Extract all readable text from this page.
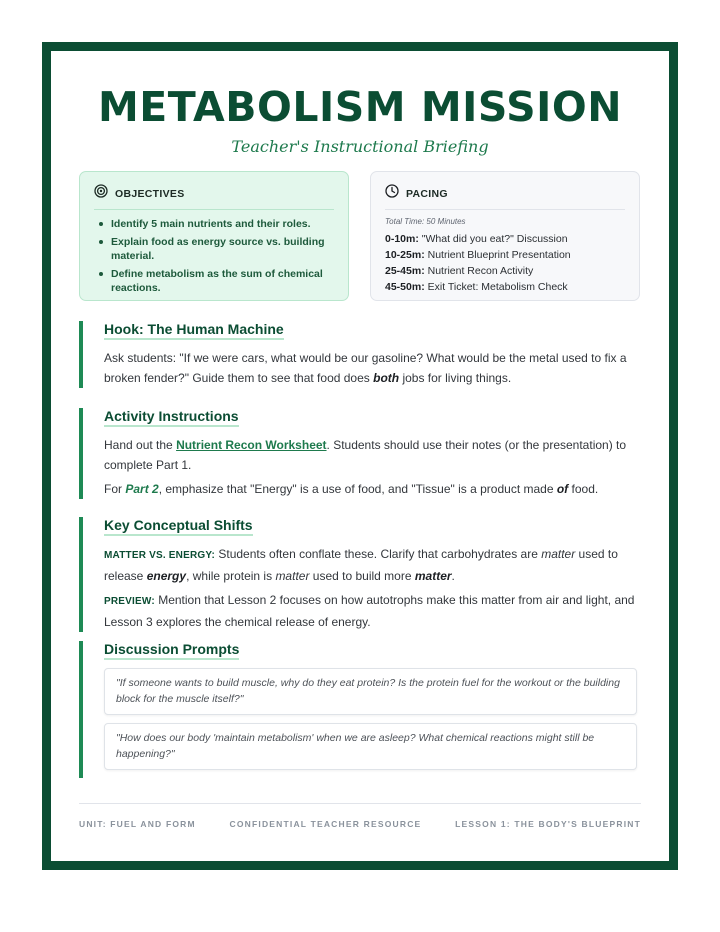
METABOLISM MISSION
Teacher's Instructional Briefing
OBJECTIVES
Identify 5 main nutrients and their roles.
Explain food as energy source vs. building material.
Define metabolism as the sum of chemical reactions.
PACING
Total Time: 50 Minutes
0-10m: "What did you eat?" Discussion
10-25m: Nutrient Blueprint Presentation
25-45m: Nutrient Recon Activity
45-50m: Exit Ticket: Metabolism Check
Hook: The Human Machine
Ask students: "If we were cars, what would be our gasoline? What would be the metal used to fix a broken fender?" Guide them to see that food does both jobs for living things.
Activity Instructions
Hand out the Nutrient Recon Worksheet. Students should use their notes (or the presentation) to complete Part 1.
For Part 2, emphasize that "Energy" is a use of food, and "Tissue" is a product made of food.
Key Conceptual Shifts
MATTER VS. ENERGY: Students often conflate these. Clarify that carbohydrates are matter used to release energy, while protein is matter used to build more matter.
PREVIEW: Mention that Lesson 2 focuses on how autotrophs make this matter from air and light, and Lesson 3 explores the chemical release of energy.
Discussion Prompts
"If someone wants to build muscle, why do they eat protein? Is the protein fuel for the workout or the building block for the muscle itself?"
"How does our body 'maintain metabolism' when we are asleep? What chemical reactions might still be happening?"
UNIT: FUEL AND FORM	CONFIDENTIAL TEACHER RESOURCE	LESSON 1: THE BODY'S BLUEPRINT
